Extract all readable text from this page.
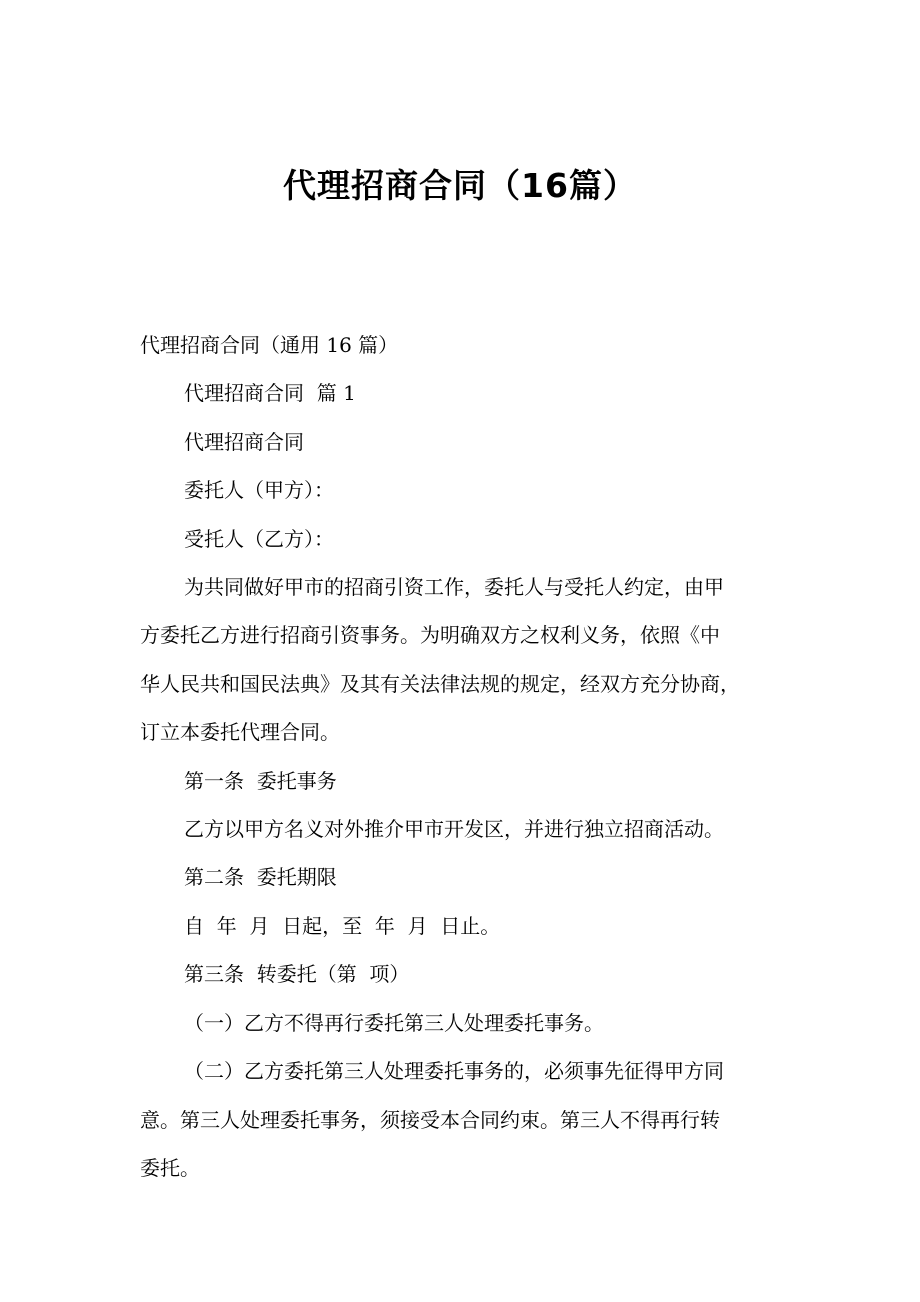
代理招商合同（16篇）

代理招商合同（通用 16 篇）

代理招商合同  篇 1

代理招商合同

委托人（甲方）：

受托人（乙方）：

为共同做好甲市的招商引资工作，委托人与受托人约定，由甲

方委托乙方进行招商引资事务。为明确双方之权利义务，依照《中

华人民共和国民法典》及其有关法律法规的规定，经双方充分协商，

订立本委托代理合同。

第一条  委托事务

乙方以甲方名义对外推介甲市开发区，并进行独立招商活动。

第二条  委托期限

自  年  月  日起，至  年  月  日止。

第三条  转委托（第  项）

（一）乙方不得再行委托第三人处理委托事务。

（二）乙方委托第三人处理委托事务的，必须事先征得甲方同

意。第三人处理委托事务，须接受本合同约束。第三人不得再行转

委托。
